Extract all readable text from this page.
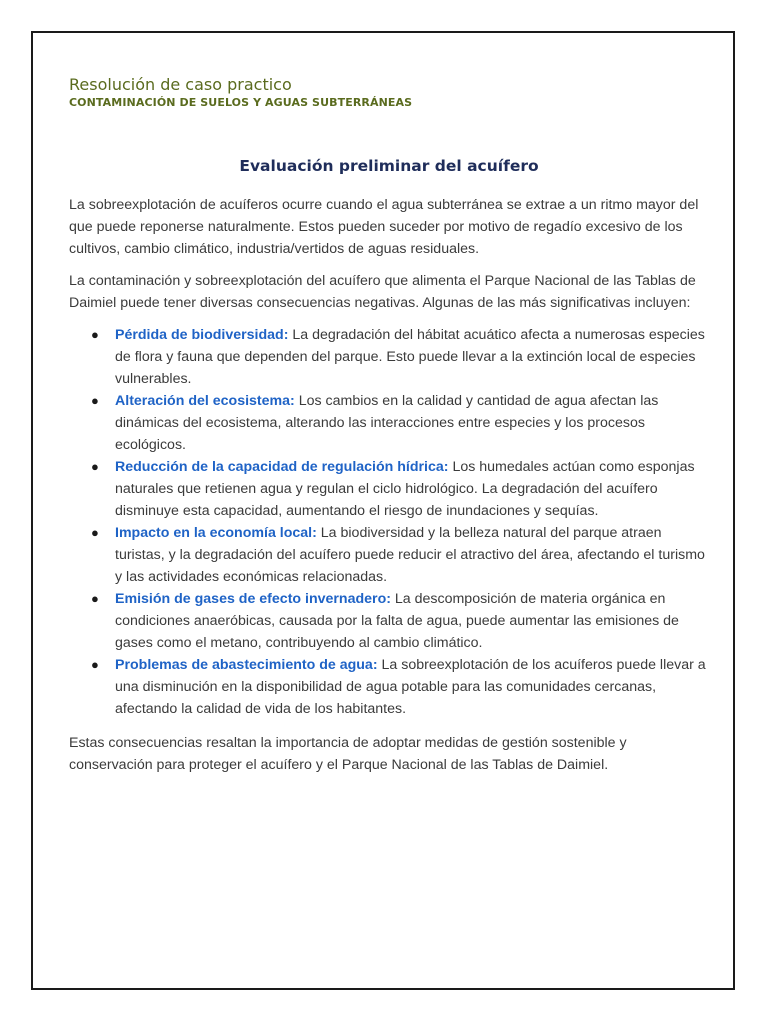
Resolución de caso practico

CONTAMINACIÓN DE SUELOS Y AGUAS SUBTERRÁNEAS

Evaluación preliminar del acuífero

La sobreexplotación de acuíferos ocurre cuando el agua subterránea se extrae a un ritmo mayor del que puede reponerse naturalmente. Estos pueden suceder por motivo de regadío excesivo de los cultivos, cambio climático, industria/vertidos de aguas residuales.

La contaminación y sobreexplotación del acuífero que alimenta el Parque Nacional de las Tablas de Daimiel puede tener diversas consecuencias negativas. Algunas de las más significativas incluyen:

● Pérdida de biodiversidad: La degradación del hábitat acuático afecta a numerosas especies de flora y fauna que dependen del parque. Esto puede llevar a la extinción local de especies vulnerables.
● Alteración del ecosistema: Los cambios en la calidad y cantidad de agua afectan las dinámicas del ecosistema, alterando las interacciones entre especies y los procesos ecológicos.
● Reducción de la capacidad de regulación hídrica: Los humedales actúan como esponjas naturales que retienen agua y regulan el ciclo hidrológico. La degradación del acuífero disminuye esta capacidad, aumentando el riesgo de inundaciones y sequías.
● Impacto en la economía local: La biodiversidad y la belleza natural del parque atraen turistas, y la degradación del acuífero puede reducir el atractivo del área, afectando el turismo y las actividades económicas relacionadas.
● Emisión de gases de efecto invernadero: La descomposición de materia orgánica en condiciones anaeróbicas, causada por la falta de agua, puede aumentar las emisiones de gases como el metano, contribuyendo al cambio climático.
● Problemas de abastecimiento de agua: La sobreexplotación de los acuíferos puede llevar a una disminución en la disponibilidad de agua potable para las comunidades cercanas, afectando la calidad de vida de los habitantes.

Estas consecuencias resaltan la importancia de adoptar medidas de gestión sostenible y conservación para proteger el acuífero y el Parque Nacional de las Tablas de Daimiel.
